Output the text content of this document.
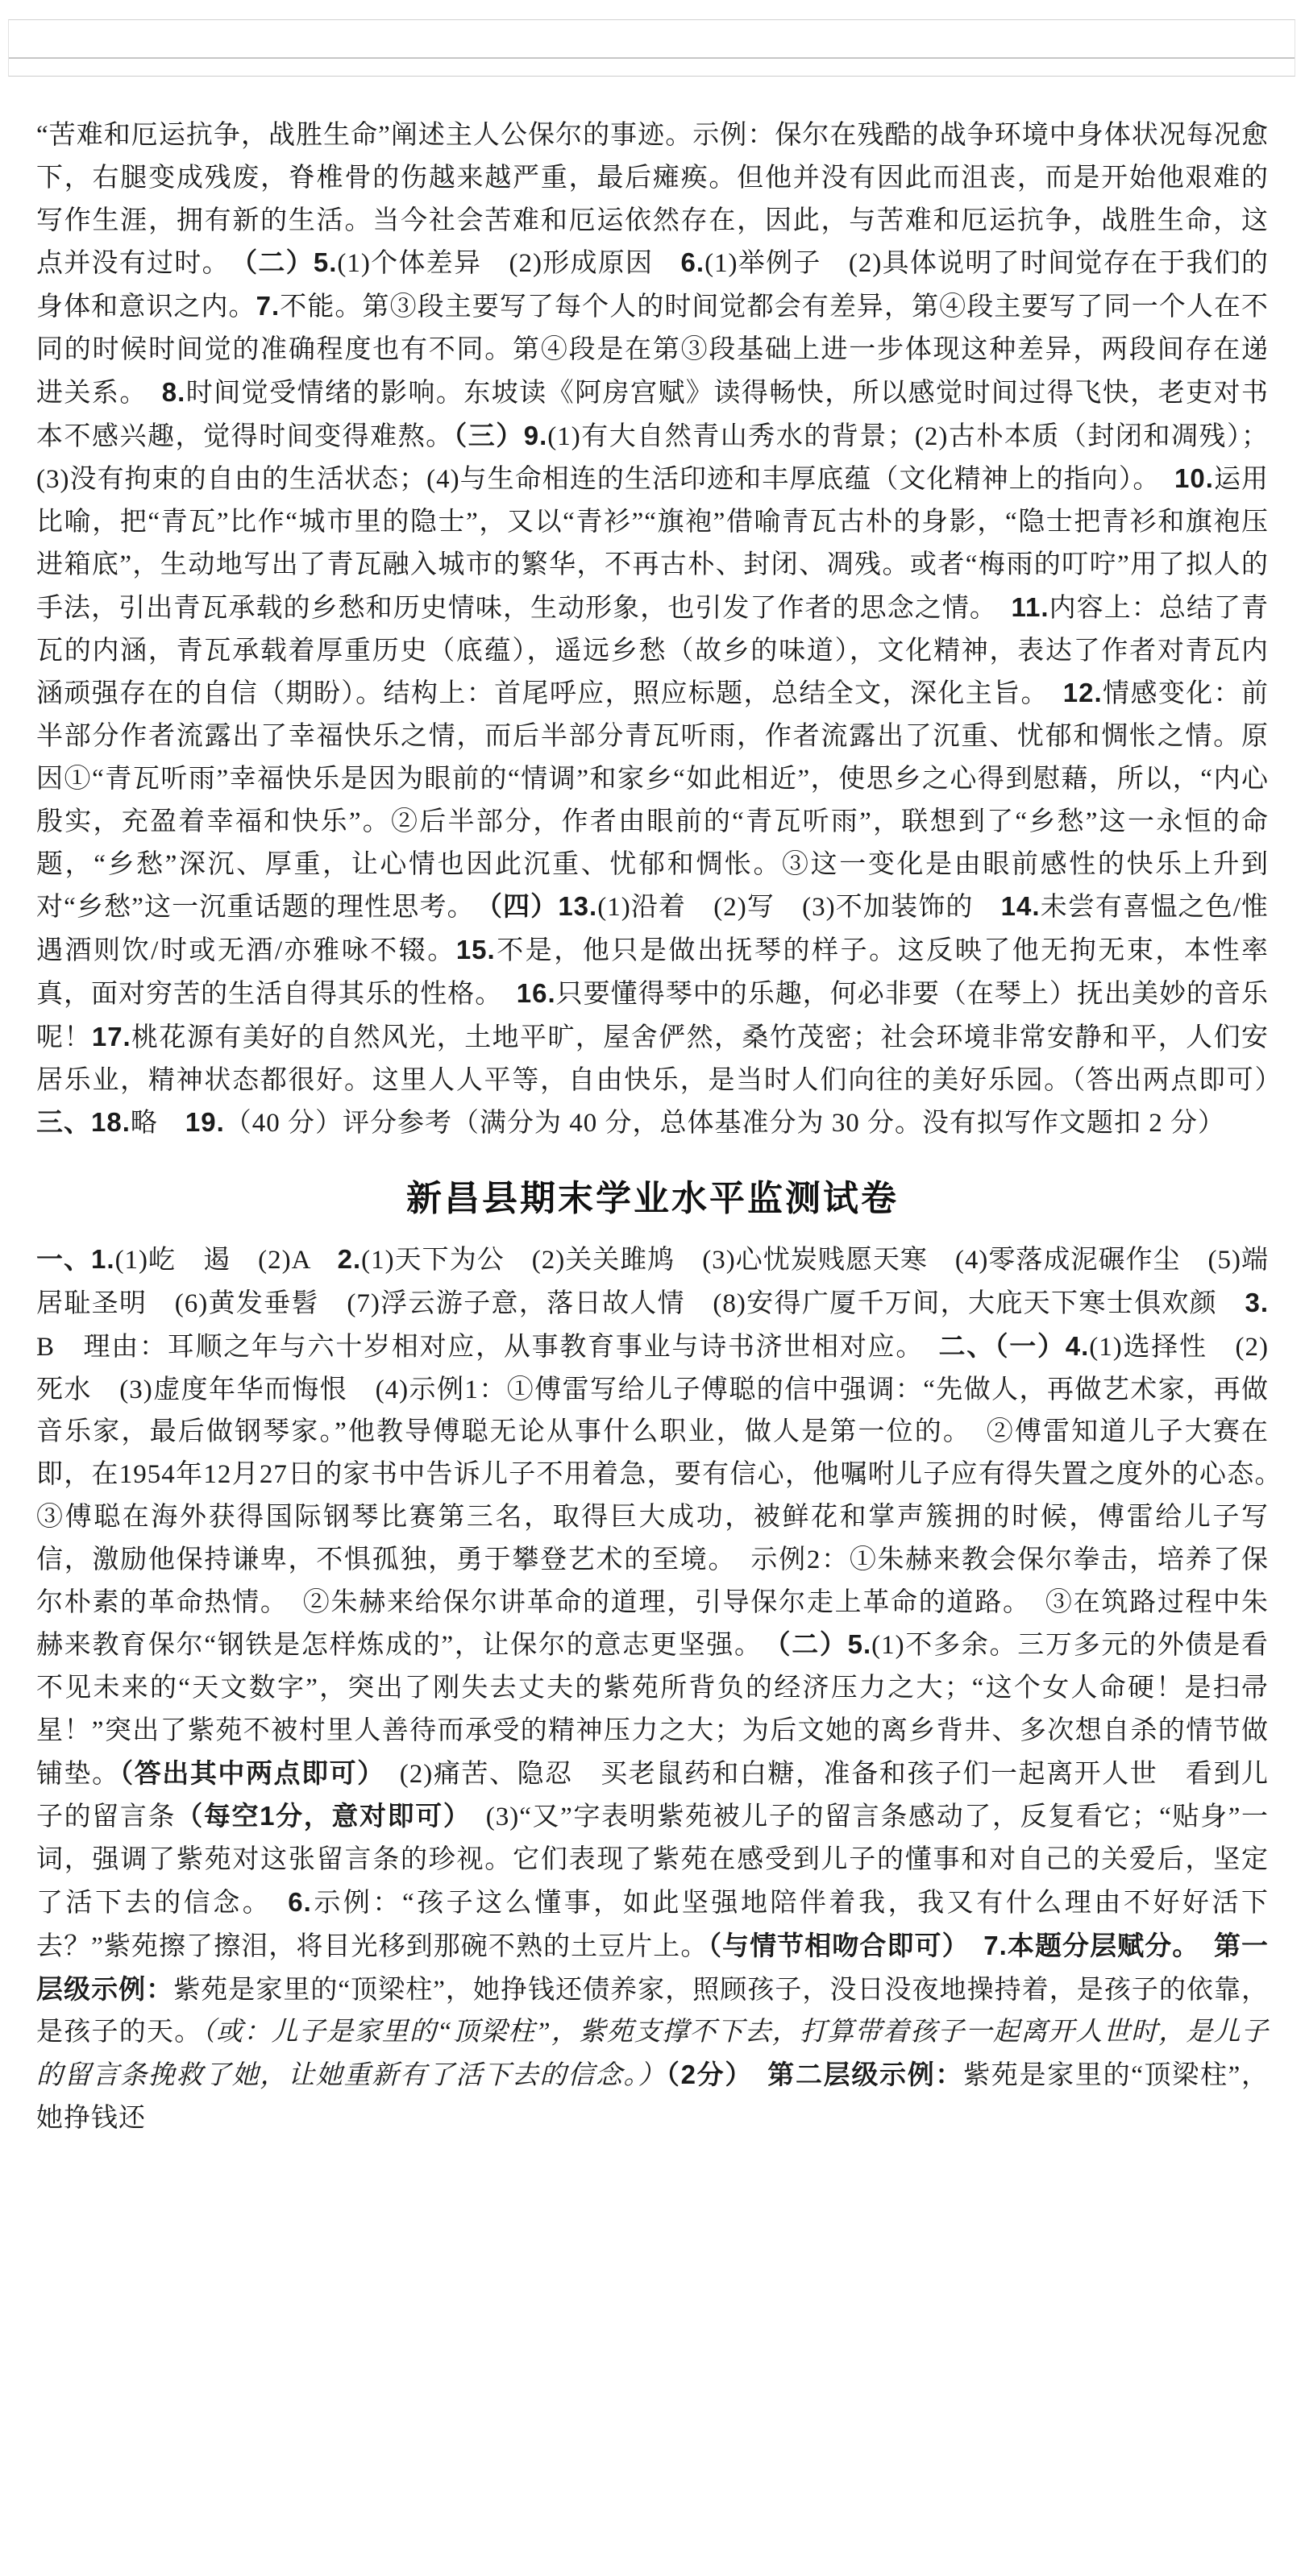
“苦难和厄运抗争，战胜生命”阐述主人公保尔的事迹。示例：保尔在残酷的战争环境中身体状况每况愈下，右腿变成残废，脊椎骨的伤越来越严重，最后瘫痪。但他并没有因此而沮丧，而是开始他艰难的写作生涯，拥有新的生活。当今社会苦难和厄运依然存在，因此，与苦难和厄运抗争，战胜生命，这点并没有过时。　（二）5.(1)个体差异　(2)形成原因　6.(1)举例子　(2)具体说明了时间觉存在于我们的身体和意识之内。7.不能。第③段主要写了每个人的时间觉都会有差异，第④段主要写了同一个人在不同的时候时间觉的准确程度也有不同。第④段是在第③段基础上进一步体现这种差异，两段间存在递进关系。　8.时间觉受情绪的影响。东坡读《阿房宫赋》读得畅快，所以感觉时间过得飞快，老吏对书本不感兴趣，觉得时间变得难熬。（三）9.(1)有大自然青山秀水的背景；(2)古朴本质（封闭和凋残）；(3)没有拘束的自由的生活状态；(4)与生命相连的生活印迹和丰厚底蕴（文化精神上的指向）。　10.运用比喻，把“青瓦”比作“城市里的隐士”，又以“青衫”“旗袍”借喻青瓦古朴的身影，“隐士把青衫和旗袍压进箱底”，生动地写出了青瓦融入城市的繁华，不再古朴、封闭、凋残。或者“梅雨的叮咛”用了拟人的手法，引出青瓦承载的乡愁和历史情味，生动形象，也引发了作者的思念之情。　11.内容上：总结了青瓦的内涵，青瓦承载着厚重历史（底蕴），遥远乡愁（故乡的味道），文化精神，表达了作者对青瓦内涵顽强存在的自信（期盼）。结构上：首尾呼应，照应标题，总结全文，深化主旨。　12.情感变化：前半部分作者流露出了幸福快乐之情，而后半部分青瓦听雨，作者流露出了沉重、忧郁和惆怅之情。原因①“青瓦听雨”幸福快乐是因为眼前的“情调”和家乡“如此相近”，使思乡之心得到慰藉，所以，“内心殷实，充盈着幸福和快乐”。②后半部分，作者由眼前的“青瓦听雨”，联想到了“乡愁”这一永恒的命题，“乡愁”深沉、厚重，让心情也因此沉重、忧郁和惆怅。③这一变化是由眼前感性的快乐上升到对“乡愁”这一沉重话题的理性思考。　（四）13.(1)沿着　(2)写　(3)不加装饰的　14.未尝有喜愠之色/惟遇酒则饮/时或无酒/亦雅咏不辍。15.不是，他只是做出抚琴的样子。这反映了他无拘无束，本性率真，面对穷苦的生活自得其乐的性格。　16.只要懂得琴中的乐趣，何必非要（在琴上）抚出美妙的音乐呢！17.桃花源有美好的自然风光，土地平旷，屋舍俨然，桑竹茂密；社会环境非常安静和平，人们安居乐业，精神状态都很好。这里人人平等，自由快乐，是当时人们向往的美好乐园。（答出两点即可）　三、18.略　19.（40 分）评分参考（满分为 40 分，总体基准分为 30 分。没有拟写作文题扣 2 分）
新昌县期末学业水平监测试卷
一、1.(1)屹　遏　(2)A　2.(1)天下为公　(2)关关雎鸠　(3)心忧炭贱愿天寒　(4)零落成泥碾作尘　(5)端居耻圣明　(6)黄发垂髫　(7)浮云游子意，落日故人情　(8)安得广厦千万间，大庇天下寒士俱欢颜　3.B　理由：耳顺之年与六十岁相对应，从事教育事业与诗书济世相对应。　二、（一）4.(1)选择性　(2)死水　(3)虚度年华而悔恨　(4)示例1：①傅雷写给儿子傅聪的信中强调：“先做人，再做艺术家，再做音乐家，最后做钢琴家。”他教导傅聪无论从事什么职业，做人是第一位的。　②傅雷知道儿子大赛在即，在1954年12月27日的家书中告诉儿子不用着急，要有信心，他嘱咐儿子应有得失置之度外的心态。　③傅聪在海外获得国际钢琴比赛第三名，取得巨大成功，被鲜花和掌声簇拥的时候，傅雷给儿子写信，激励他保持谦卑，不惧孤独，勇于攀登艺术的至境。　示例2：①朱赫来教会保尔拳击，培养了保尔朴素的革命热情。　②朱赫来给保尔讲革命的道理，引导保尔走上革命的道路。　③在筑路过程中朱赫来教育保尔“钢铁是怎样炼成的”，让保尔的意志更坚强。　（二）5.(1)不多余。三万多元的外债是看不见未来的“天文数字”，突出了刚失去丈夫的紫苑所背负的经济压力之大；“这个女人命硬！是扫帚星！”突出了紫苑不被村里人善待而承受的精神压力之大；为后文她的离乡背井、多次想自杀的情节做铺垫。（答出其中两点即可）　(2)痛苦、隐忍　买老鼠药和白糖，准备和孩子们一起离开人世　看到儿子的留言条（每空1分，意对即可）　(3)“又”字表明紫苑被儿子的留言条感动了，反复看它；“贴身”一词，强调了紫苑对这张留言条的珍视。它们表现了紫苑在感受到儿子的懂事和对自己的关爱后，坚定了活下去的信念。　6.示例：“孩子这么懂事，如此坚强地陪伴着我，我又有什么理由不好好活下去？”紫苑擦了擦泪，将目光移到那碗不熟的土豆片上。（与情节相吻合即可）　 7.本题分层赋分。　第一层级示例：紫苑是家里的“顶梁柱”，她挣钱还债养家，照顾孩子，没日没夜地操持着，是孩子的依靠，是孩子的天。（或：儿子是家里的“顶梁柱”，紫苑支撑不下去，打算带着孩子一起离开人世时，是儿子的留言条挽救了她，让她重新有了活下去的信念。）（2分）　 第二层级示例：紫苑是家里的“顶梁柱”，她挣钱还
